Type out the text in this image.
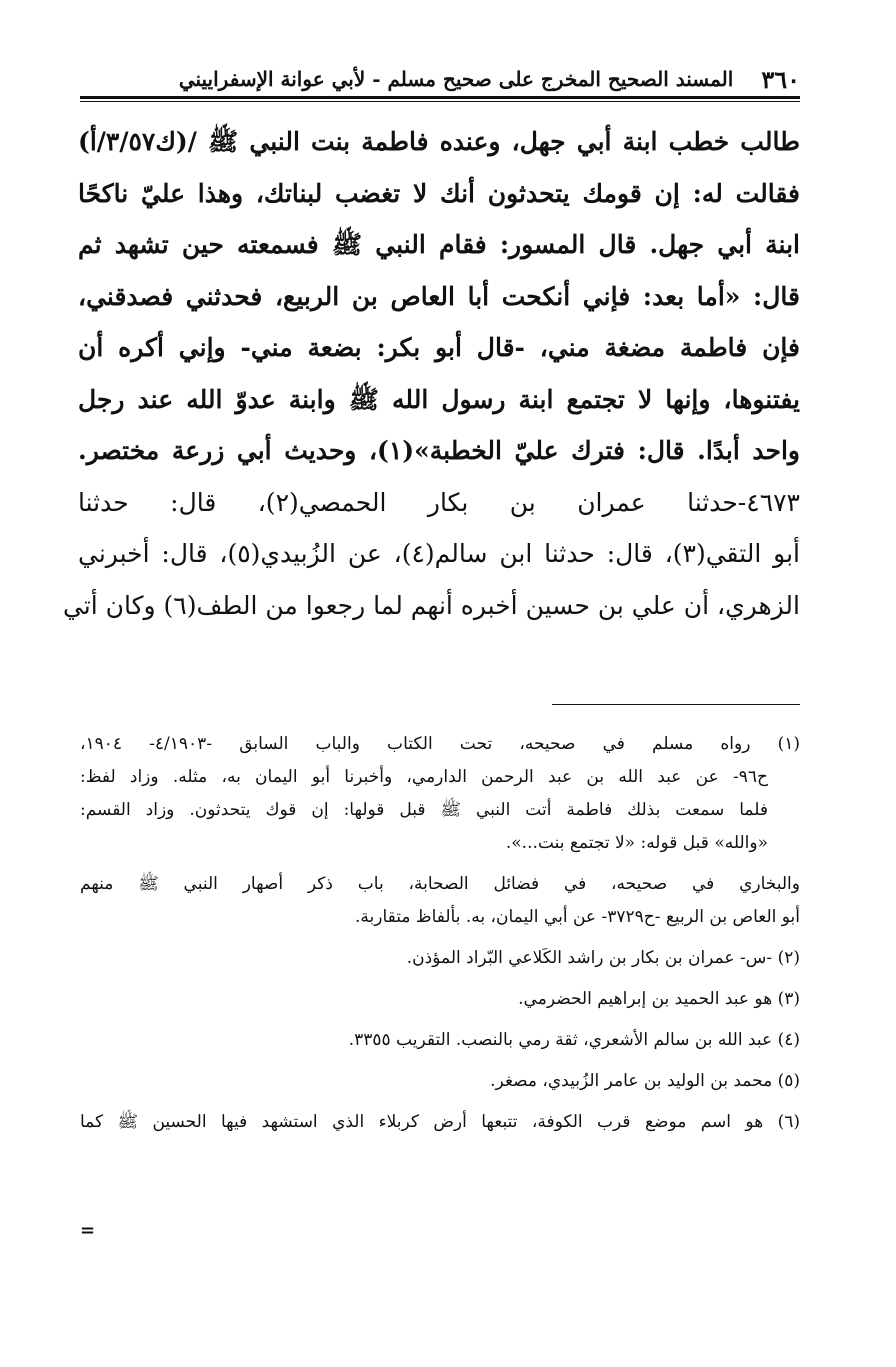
٣٦٠
المسند الصحيح المخرج على صحيح مسلم - لأبي عوانة الإسفراييني
طالب خطب ابنة أبي جهل، وعنده فاطمة بنت النبي ﷺ /(ك٣/٥٧/أ)
فقالت له: إن قومك يتحدثون أنك لا تغضب لبناتك، وهذا عليّ ناكحًا
ابنة أبي جهل. قال المسور: فقام النبي ﷺ فسمعته حين تشهد ثم
قال: «أما بعد: فإني أنكحت أبا العاص بن الربيع، فحدثني فصدقني،
فإن فاطمة مضغة مني، -قال أبو بكر: بضعة مني- وإني أكره أن
يفتنوها، وإنها لا تجتمع ابنة رسول الله ﷺ وابنة عدوّ الله عند رجل
واحد أبدًا. قال: فترك عليّ الخطبة»(١)، وحديث أبي زرعة مختصر.
٤٦٧٣-حدثنا عمران بن بكار الحمصي(٢)، قال: حدثنا
أبو التقي(٣)، قال: حدثنا ابن سالم(٤)، عن الزُبيدي(٥)، قال: أخبرني
الزهري، أن علي بن حسين أخبره أنهم لما رجعوا من الطف(٦) وكان أتي
(١) رواه مسلم في صحيحه، تحت الكتاب والباب السابق -٤/١٩٠٣- ١٩٠٤،
ح٩٦- عن عبد الله بن عبد الرحمن الدارمي، وأخبرنا أبو اليمان به، مثله. وزاد لفظ:
فلما سمعت بذلك فاطمة أتت النبي ﷺ قبل قولها: إن قوك يتحدثون. وزاد القسم:
«والله» قبل قوله: «لا تجتمع بنت...».
والبخاري في صحيحه، في فضائل الصحابة، باب ذكر أصهار النبي ﷺ منهم
أبو العاص بن الربيع -ح٣٧٢٩- عن أبي اليمان، به. بألفاظ متقاربة.
(٢) -س- عمران بن بكار بن راشد الكَلاعي البّراد المؤذن.
(٣) هو عبد الحميد بن إبراهيم الحضرمي.
(٤) عبد الله بن سالم الأشعري، ثقة رمي بالنصب. التقريب ٣٣٥٥.
(٥) محمد بن الوليد بن عامر الزُبيدي، مصغر.
(٦) هو اسم موضع قرب الكوفة، تتبعها أرض كربلاء الذي استشهد فيها الحسين ﷺ كما
=
